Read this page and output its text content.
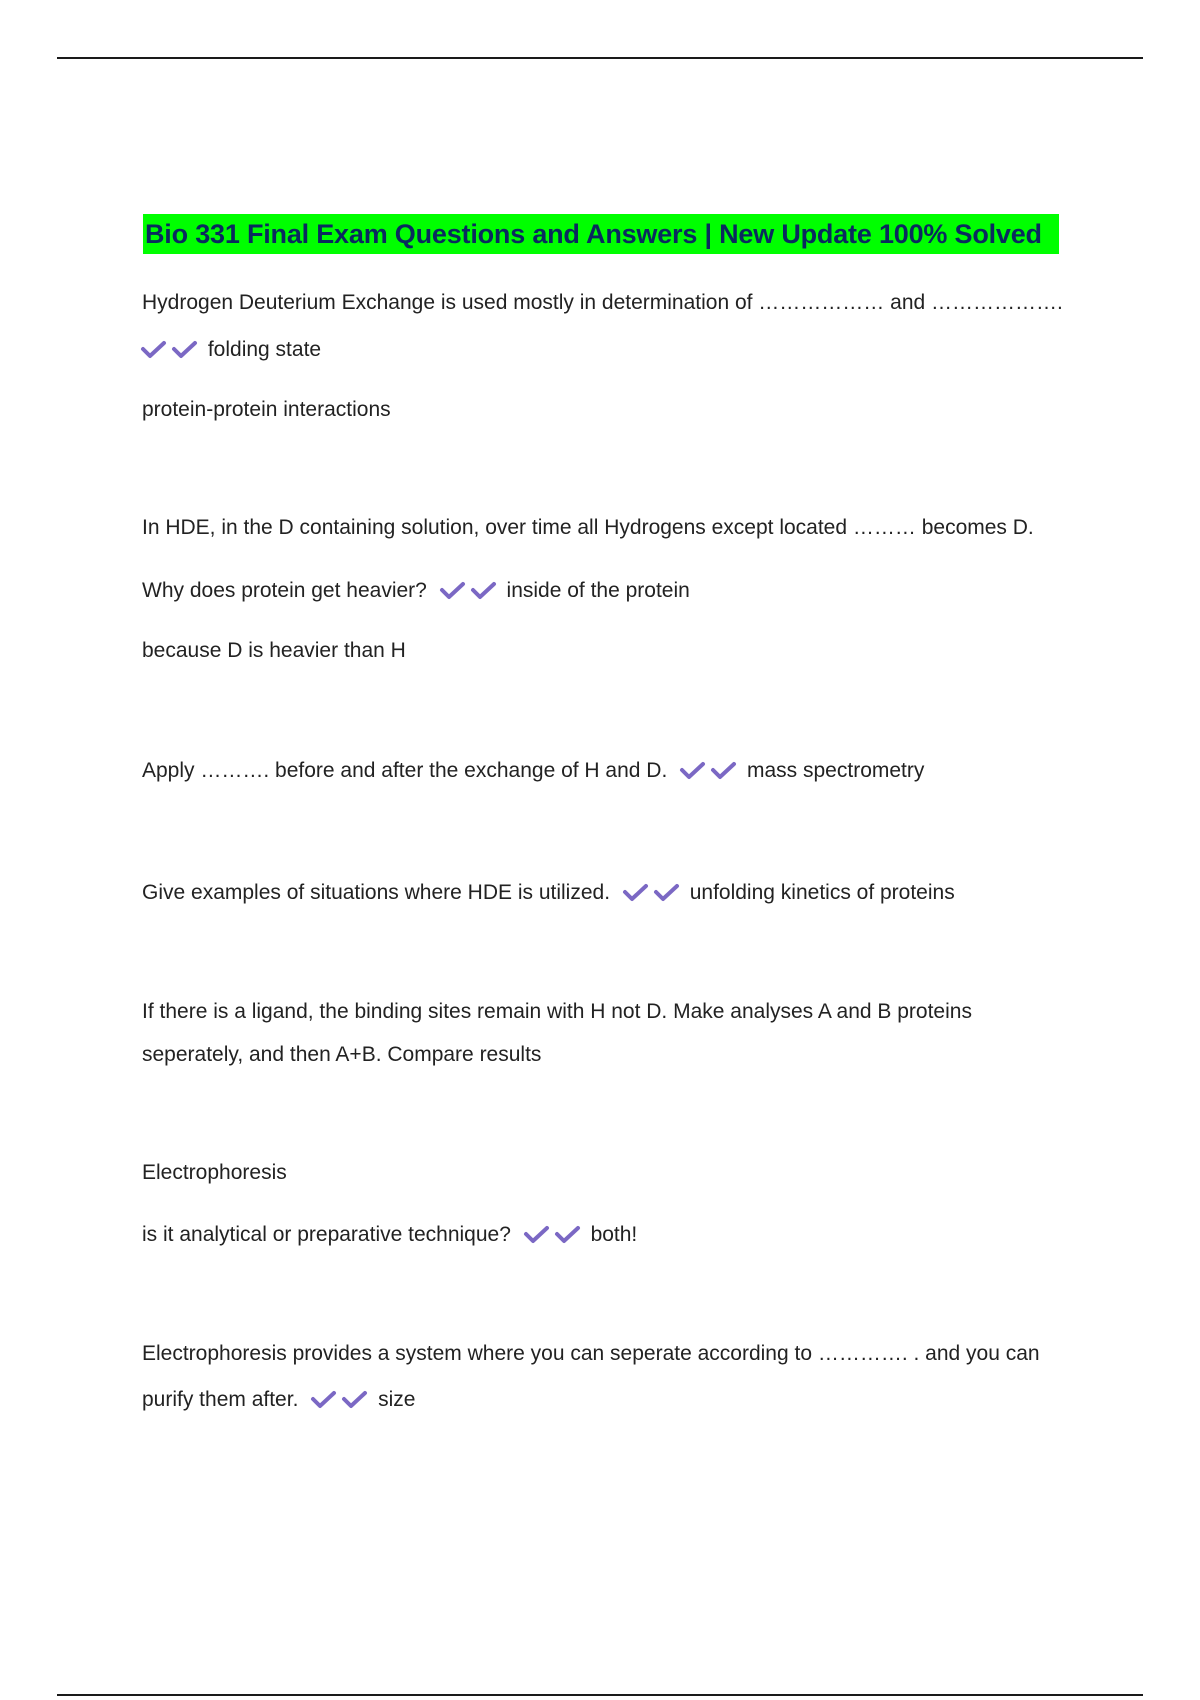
Bio 331 Final Exam Questions and Answers | New Update 100% Solved
Hydrogen Deuterium Exchange is used mostly in determination of ……………… and ……………….
folding state
protein-protein interactions
In HDE, in the D containing solution, over time all Hydrogens except located ……… becomes D.
Why does protein get heavier?	inside of the protein
because D is heavier than H
Apply ………. before and after the exchange of H and D.	mass spectrometry
Give examples of situations where HDE is utilized.	unfolding kinetics of proteins
If there is a ligand, the binding sites remain with H not D. Make analyses A and B proteins
seperately, and then A+B. Compare results
Electrophoresis
is it analytical or preparative technique?	both!
Electrophoresis provides a system where you can seperate according to …………. . and you can
purify them after.	size
